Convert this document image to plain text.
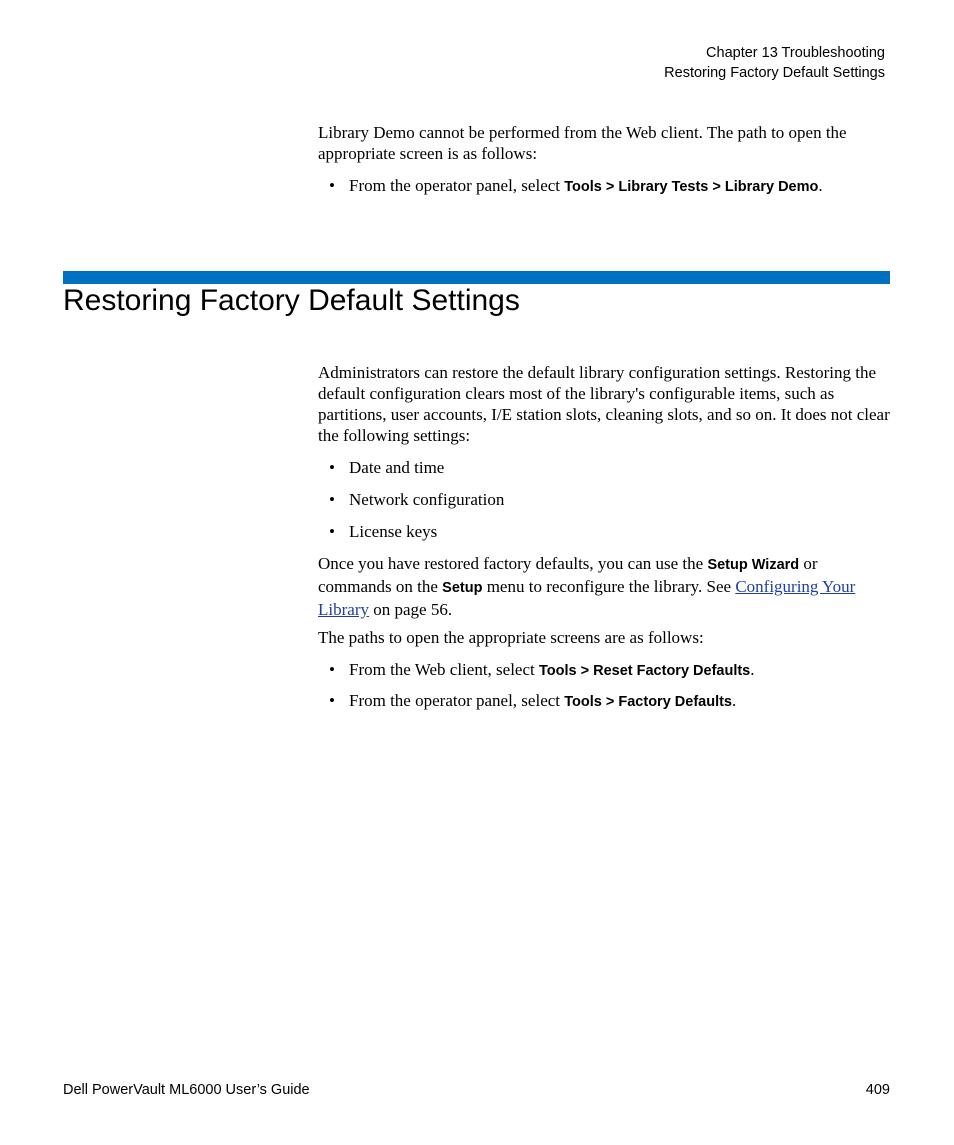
Chapter 13 Troubleshooting
Restoring Factory Default Settings
Library Demo cannot be performed from the Web client. The path to open the appropriate screen is as follows:
• From the operator panel, select Tools > Library Tests > Library Demo.
Restoring Factory Default Settings
Administrators can restore the default library configuration settings. Restoring the default configuration clears most of the library's configurable items, such as partitions, user accounts, I/E station slots, cleaning slots, and so on. It does not clear the following settings:
• Date and time
• Network configuration
• License keys
Once you have restored factory defaults, you can use the Setup Wizard or commands on the Setup menu to reconfigure the library. See Configuring Your Library on page 56.
The paths to open the appropriate screens are as follows:
• From the Web client, select Tools > Reset Factory Defaults.
• From the operator panel, select Tools > Factory Defaults.
Dell PowerVault ML6000 User’s Guide	409
